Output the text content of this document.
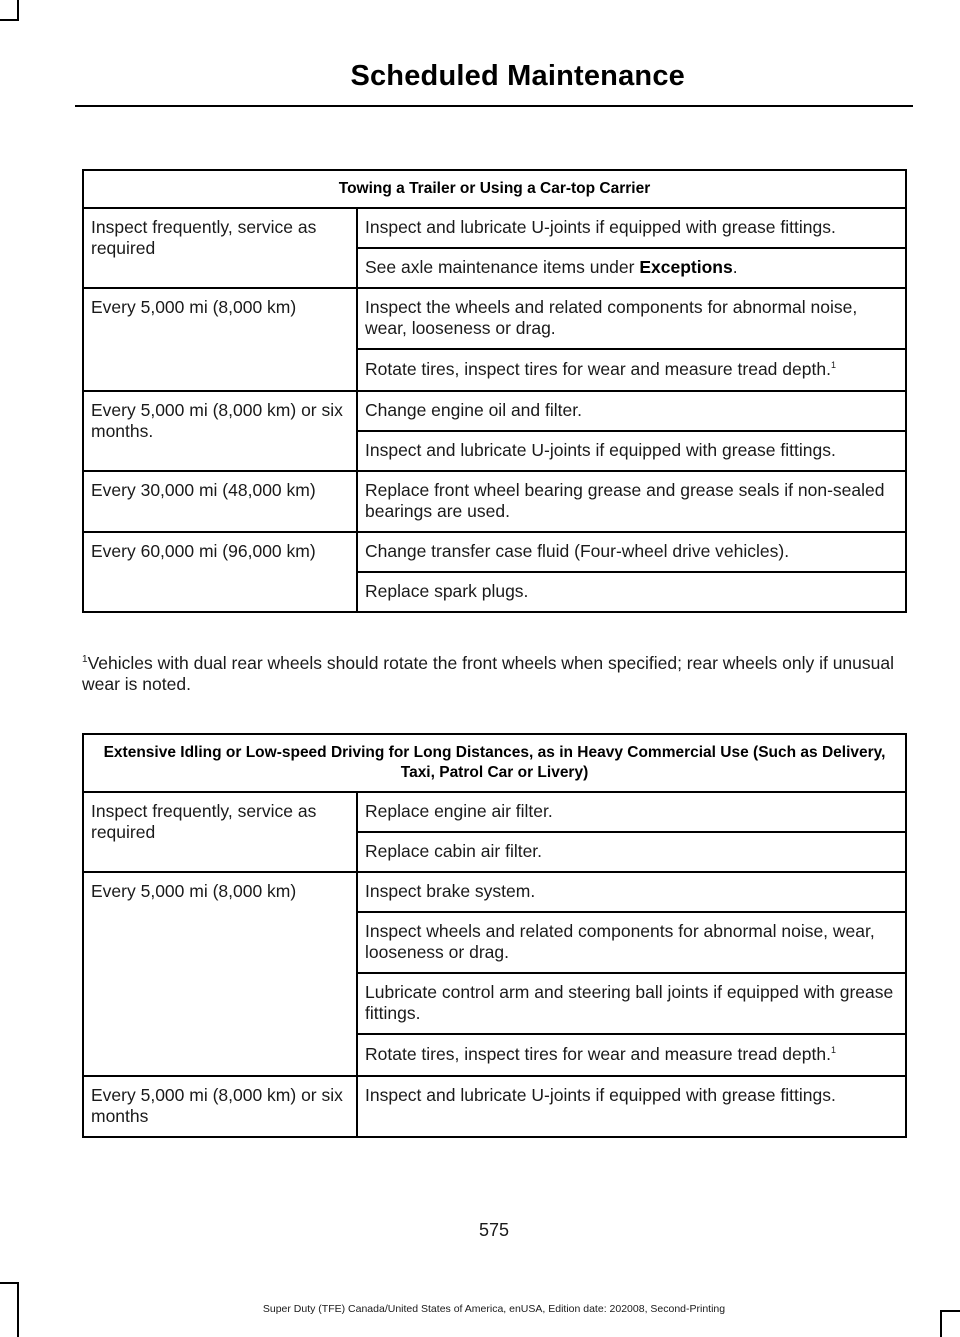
Scheduled Maintenance
Towing a Trailer or Using a Car-top Carrier	
Inspect frequently, service as required	Inspect and lubricate U-joints if equipped with grease fittings.
	See axle maintenance items under Exceptions.
Every 5,000 mi (8,000 km)	Inspect the wheels and related components for abnormal noise, wear, looseness or drag.
	Rotate tires, inspect tires for wear and measure tread depth.$^1$
Every 5,000 mi (8,000 km) or six months.	Change engine oil and filter.
	Inspect and lubricate U-joints if equipped with grease fittings.
Every 30,000 mi (48,000 km)	Replace front wheel bearing grease and grease seals if non-sealed bearings are used.
Every 60,000 mi (96,000 km)	Change transfer case fluid (Four-wheel drive vehicles).
	Replace spark plugs.
$^1$Vehicles with dual rear wheels should rotate the front wheels when specified; rear wheels only if unusual wear is noted.
Extensive Idling or Low-speed Driving for Long Distances, as in Heavy Commercial Use (Such as Delivery, Taxi, Patrol Car or Livery)	
Inspect frequently, service as required	Replace engine air filter.
	Replace cabin air filter.
Every 5,000 mi (8,000 km)	Inspect brake system.
	Inspect wheels and related components for abnormal noise, wear, looseness or drag.
	Lubricate control arm and steering ball joints if equipped with grease fittings.
	Rotate tires, inspect tires for wear and measure tread depth.$^1$
Every 5,000 mi (8,000 km) or six months	Inspect and lubricate U-joints if equipped with grease fittings.
575
Super Duty (TFE) Canada/United States of America, enUSA, Edition date: 202008, Second-Printing
